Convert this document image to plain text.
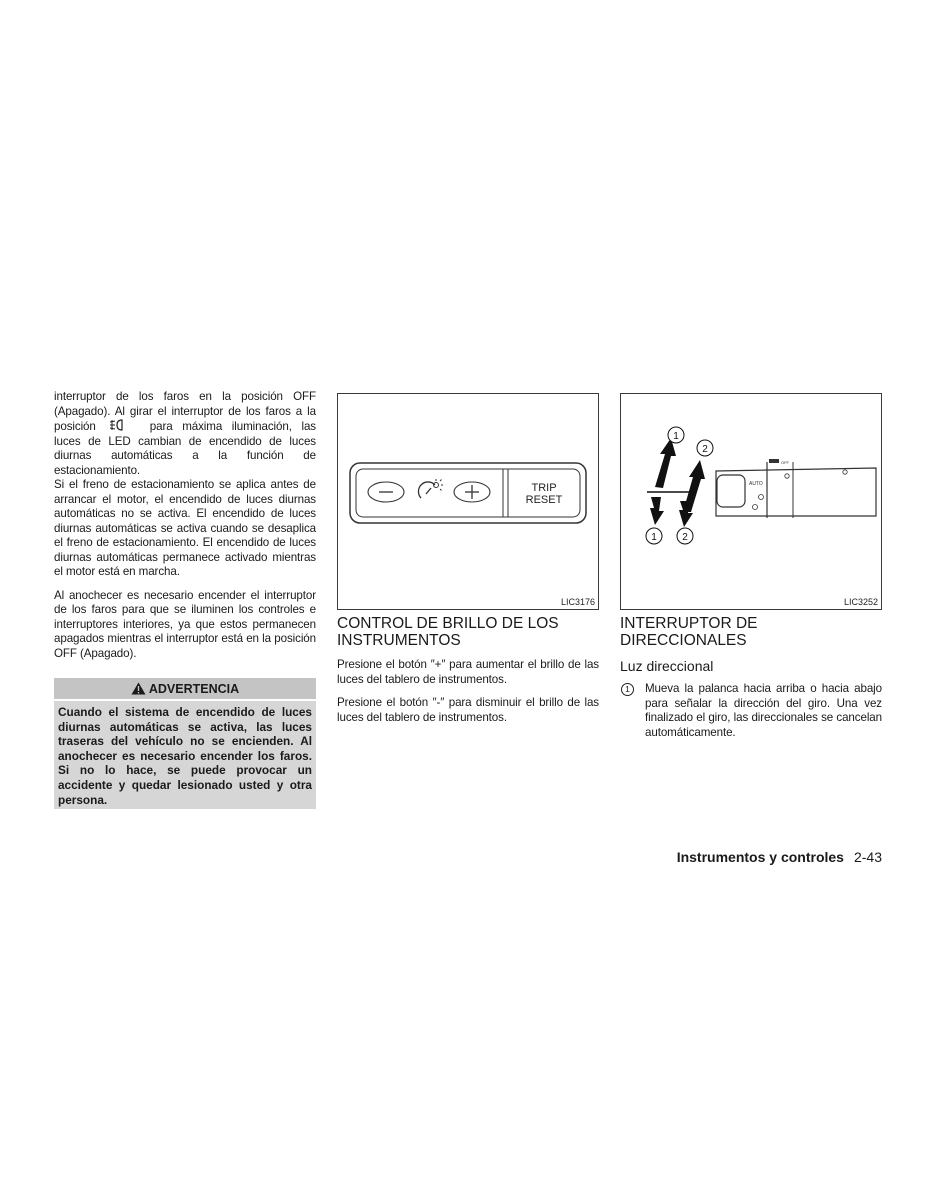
interruptor de los faros en la posición OFF (Apagado). Al girar el interruptor de los faros a la posición	para máxima iluminación, las luces de LED cambian de encendido de luces diurnas automáticas a la función de estacionamiento.

Si el freno de estacionamiento se aplica antes de arrancar el motor, el encendido de luces diurnas automáticas no se activa. El encendido de luces diurnas automáticas se activa cuando se desaplica el freno de estacionamiento. El encendido de luces diurnas automáticas permanece activado mientras el motor está en marcha.

Al anochecer es necesario encender el interruptor de los faros para que se iluminen los controles e interruptores interiores, ya que estos permanecen apagados mientras el interruptor está en la posición OFF (Apagado).

ADVERTENCIA
Cuando el sistema de encendido de luces diurnas automáticas se activa, las luces traseras del vehículo no se encienden. Al anochecer es necesario encender los faros. Si no lo hace, se puede provocar un accidente y quedar lesionado usted y otra persona.
TRIP
RESET
LIC3176
CONTROL DE BRILLO DE LOS INSTRUMENTOS

Presione el botón ″+″ para aumentar el brillo de las luces del tablero de instrumentos.

Presione el botón ″-″ para disminuir el brillo de las luces del tablero de instrumentos.

AUTO
OFF
1
2
1	2
LIC3252
INTERRUPTOR DE DIRECCIONALES
Luz direccional
1	Mueva la palanca hacia arriba o hacia abajo para señalar la dirección del giro. Una vez finalizado el giro, las direccionales se cancelan automáticamente.

Instrumentos y controles 2-43
